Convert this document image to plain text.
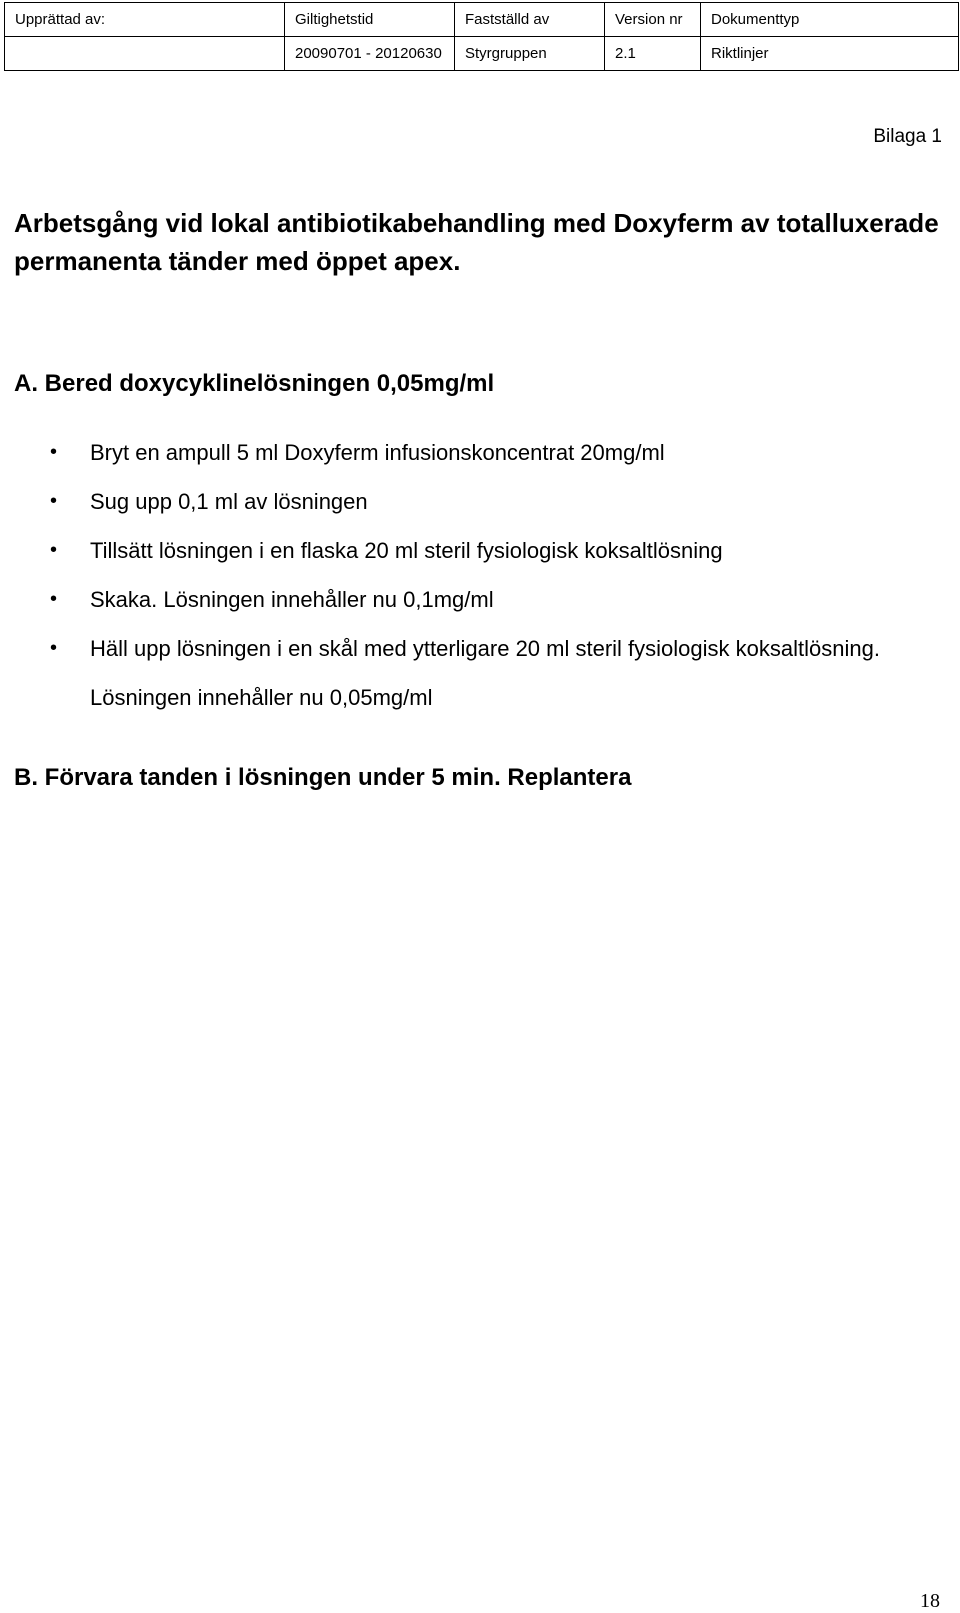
Upprättad av:	Giltighetstid	Fastställd av	Version nr	Dokumenttyp
	20090701 - 20120630	Styrgruppen	2.1	Riktlinjer
Bilaga 1
Arbetsgång vid lokal antibiotikabehandling med Doxyferm av totalluxerade permanenta tänder med öppet apex.
A. Bered doxycyklinelösningen 0,05mg/ml
• Bryt en ampull 5 ml Doxyferm infusionskoncentrat 20mg/ml
• Sug upp 0,1 ml av lösningen
• Tillsätt lösningen i en flaska 20 ml steril fysiologisk koksaltlösning
• Skaka. Lösningen innehåller nu 0,1mg/ml
• Häll upp lösningen i en skål med ytterligare 20 ml steril fysiologisk koksaltlösning. Lösningen innehåller nu 0,05mg/ml
B. Förvara tanden i lösningen under 5 min. Replantera
18
